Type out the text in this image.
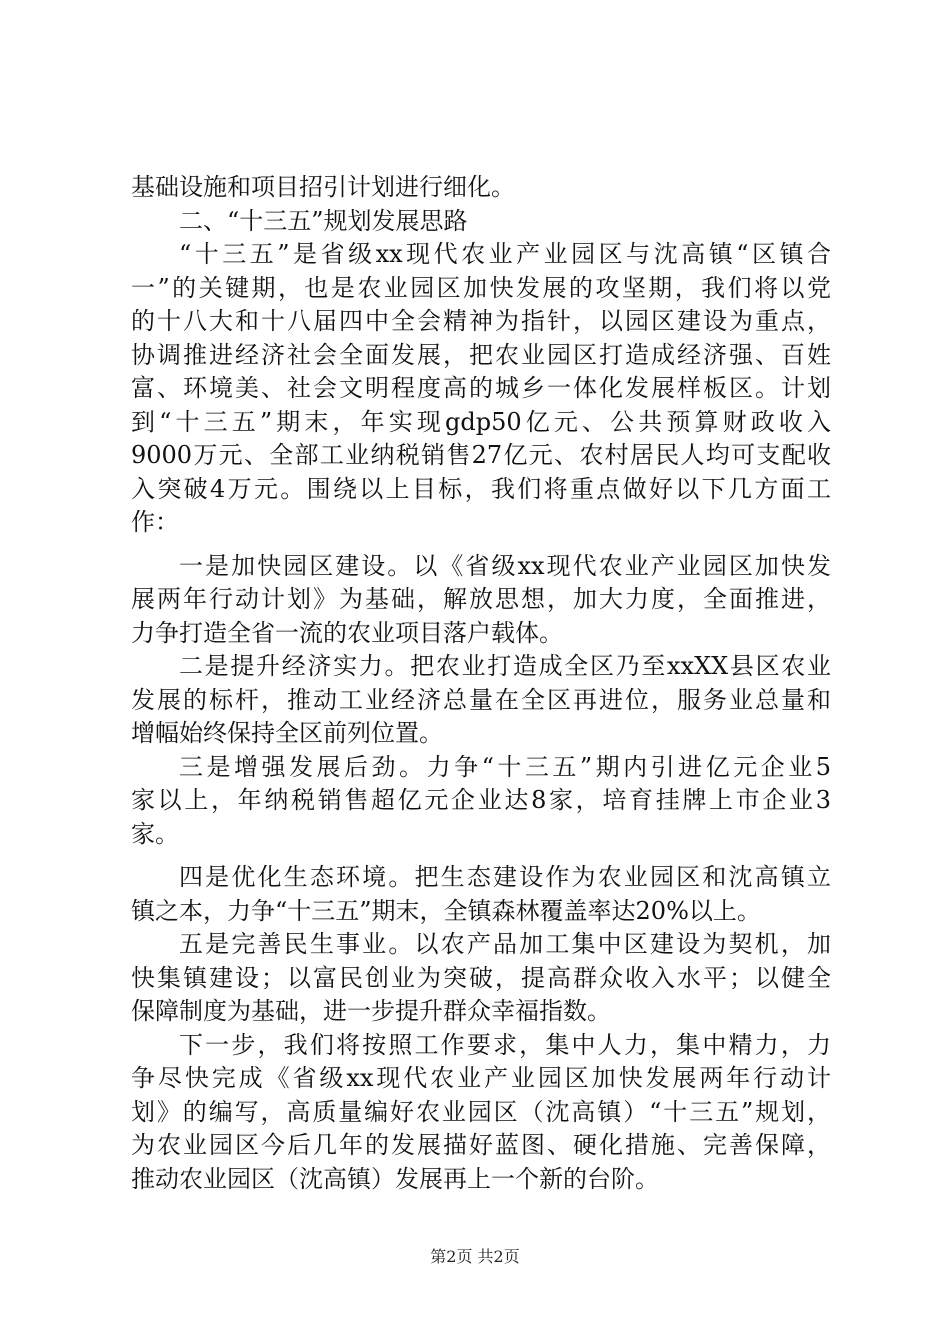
基础设施和项目招引计划进行细化。
二、“十三五”规划发展思路
“十三五”是省级xx现代农业产业园区与沈高镇“区镇合
一”的关键期，也是农业园区加快发展的攻坚期，我们将以党
的十八大和十八届四中全会精神为指针，以园区建设为重点，
协调推进经济社会全面发展，把农业园区打造成经济强、百姓
富、环境美、社会文明程度高的城乡一体化发展样板区。计划
到“十三五”期末，年实现gdp50亿元、公共预算财政收入
9000万元、全部工业纳税销售27亿元、农村居民人均可支配收
入突破4万元。围绕以上目标，我们将重点做好以下几方面工
作：
一是加快园区建设。以《省级xx现代农业产业园区加快发
展两年行动计划》为基础，解放思想，加大力度，全面推进，
力争打造全省一流的农业项目落户载体。
二是提升经济实力。把农业打造成全区乃至xxXX县区农业
发展的标杆，推动工业经济总量在全区再进位，服务业总量和
增幅始终保持全区前列位置。
三是增强发展后劲。力争“十三五”期内引进亿元企业5
家以上，年纳税销售超亿元企业达8家，培育挂牌上市企业3
家。
四是优化生态环境。把生态建设作为农业园区和沈高镇立
镇之本，力争“十三五”期末，全镇森林覆盖率达20%以上。
五是完善民生事业。以农产品加工集中区建设为契机，加
快集镇建设；以富民创业为突破，提高群众收入水平；以健全
保障制度为基础，进一步提升群众幸福指数。
下一步，我们将按照工作要求，集中人力，集中精力，力
争尽快完成《省级xx现代农业产业园区加快发展两年行动计
划》的编写，高质量编好农业园区（沈高镇）“十三五”规划，
为农业园区今后几年的发展描好蓝图、硬化措施、完善保障，
推动农业园区（沈高镇）发展再上一个新的台阶。
第2页 共2页
